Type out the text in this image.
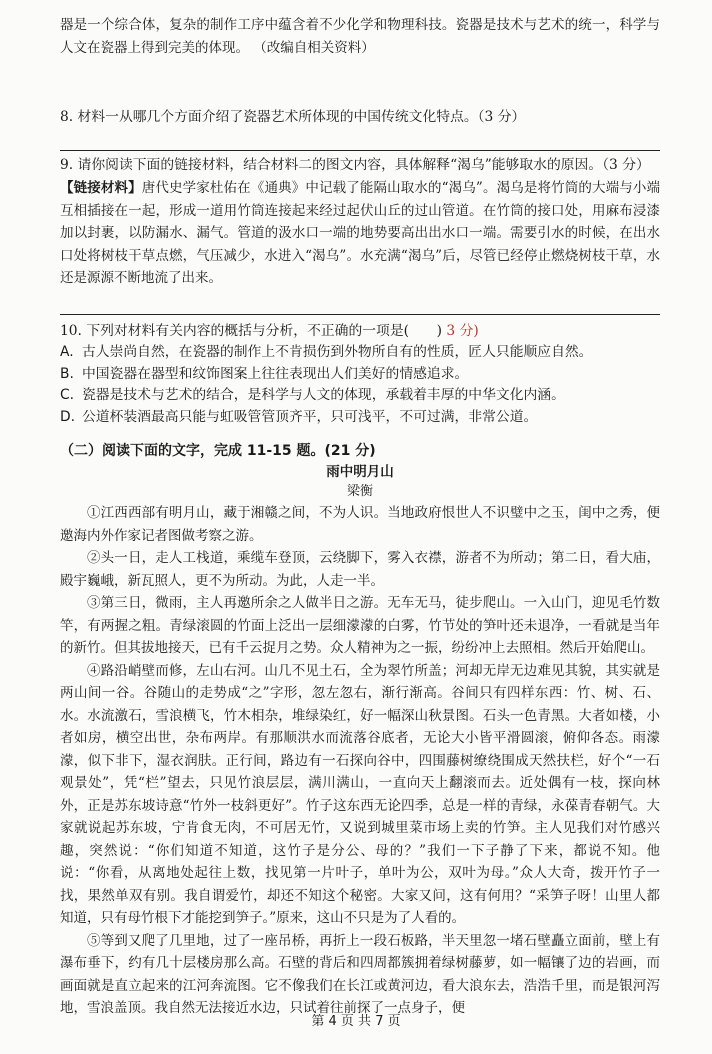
器是一个综合体，复杂的制作工序中蕴含着不少化学和物理科技。瓷器是技术与艺术的统一，科学与人文在瓷器上得到完美的体现。 （改编自相关资料）

8. 材料一从哪几个方面介绍了瓷器艺术所体现的中国传统文化特点。（3 分）

9. 请你阅读下面的链接材料，结合材料二的图文内容，具体解释“渴乌”能够取水的原因。（3 分）

【链接材料】唐代史学家杜佑在《通典》中记载了能隔山取水的“渴乌”。渴乌是将竹筒的大端与小端互相插接在一起，形成一道用竹筒连接起来经过起伏山丘的过山管道。在竹筒的接口处，用麻布浸漆加以封裹，以防漏水、漏气。管道的汲水口一端的地势要高出出水口一端。需要引水的时候，在出水口处将树枝干草点燃，气压减少，水进入“渴乌”。水充满“渴乌”后，尽管已经停止燃烧树枝干草，水还是源源不断地流了出来。

10. 下列对材料有关内容的概括与分析，不正确的一项是(　　) 3 分)

A. 古人崇尚自然，在瓷器的制作上不肯损伤到外物所自有的性质，匠人只能顺应自然。

B. 中国瓷器在器型和纹饰图案上往往表现出人们美好的情感追求。

C. 瓷器是技术与艺术的结合，是科学与人文的体现，承载着丰厚的中华文化内涵。

D. 公道杯装酒最高只能与虹吸管管顶齐平，只可浅平，不可过满，非常公道。

（二）阅读下面的文字，完成 11-15 题。(21 分)

雨中明月山

梁衡

①江西西部有明月山，藏于湘赣之间，不为人识。当地政府恨世人不识璧中之玉，闺中之秀，便邀海内外作家记者图做考察之游。

②头一日，走人工栈道，乘缆车登顶，云绕脚下，雾入衣襟，游者不为所动；第二日，看大庙，殿宇巍峨，新瓦照人，更不为所动。为此，人走一半。

③第三日，微雨，主人再邀所余之人做半日之游。无车无马，徒步爬山。一入山门，迎见毛竹数竿，有两握之粗。青绿滚圆的竹面上泛出一层细濛濛的白雾，竹节处的笋叶还未退净，一看就是当年的新竹。但其拔地接天，已有千云捉月之势。众人精神为之一振，纷纷冲上去照相。然后开始爬山。

④路沿峭壁而修，左山右河。山几不见土石，全为翠竹所盖；河却无岸无边难见其貌，其实就是两山间一谷。谷随山的走势成“之”字形，忽左忽右，渐行渐高。谷间只有四样东西：竹、树、石、水。水流激石，雪浪横飞，竹木相杂，堆绿染红，好一幅深山秋景图。石头一色青黑。大者如楼，小者如房，横空出世，杂布两岸。有那顺洪水而流落谷底者，无论大小皆平滑圆滚，俯仰各态。雨濛濛，似下非下，湿衣润肤。正行间，路边有一石探向谷中，四围藤树缭绕围成天然扶栏，好个“一石观景处”，凭“栏”望去，只见竹浪层层，满川满山，一直向天上翻滚而去。近处偶有一枝，探向林外，正是苏东坡诗意“竹外一枝斜更好”。竹子这东西无论四季，总是一样的青绿，永葆青春朝气。大家就说起苏东坡，宁肯食无肉，不可居无竹，又说到城里菜市场上卖的竹笋。主人见我们对竹感兴趣，突然说：“你们知道不知道，这竹子是分公、母的？”我们一下子静了下来，都说不知。他说：“你看，从离地处起往上数，找见第一片叶子，单叶为公，双叶为母。”众人大奇，拨开竹子一找，果然单双有别。我自谓爱竹，却还不知这个秘密。大家又问，这有何用？“采笋子呀！山里人都知道，只有母竹根下才能挖到笋子。”原来，这山不只是为了人看的。

⑤等到又爬了几里地，过了一座吊桥，再折上一段石板路，半天里忽一堵石壁矗立面前，壁上有瀑布垂下，约有几十层楼房那么高。石壁的背后和四周都簇拥着绿树藤萝，如一幅镶了边的岩画，而画面就是直立起来的江河奔流图。它不像我们在长江或黄河边，看大浪东去，浩浩千里，而是银河泻地，雪浪盖顶。我自然无法接近水边，只试着往前探了一点身子，便

第 4 页 共 7 页
